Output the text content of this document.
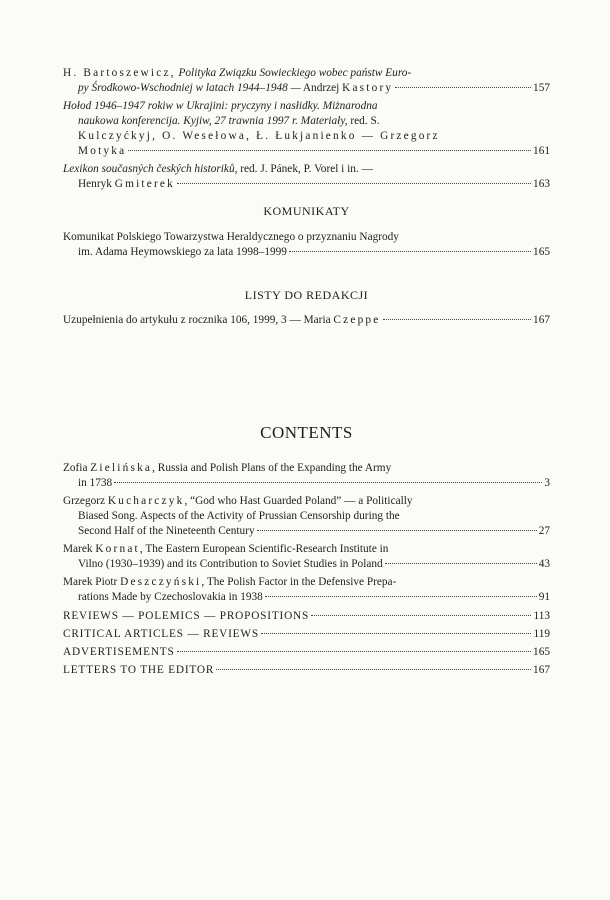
H. Bartoszewicz, Polityka Związku Sowieckiego wobec państw Euro-
py Środkowo-Wschodniej w latach 1944–1948 — Andrzej Kastory	157
Hołod 1946–1947 rokiw w Ukrajini: pryczyny i nasłidky. Miżnarodna
naukowa konferencija. Kyjiw, 27 trawnia 1997 r. Materiały, red. S.
Kulczyćkyj, O. Wesełowa, Ł. Łukjanienko — Grzegorz
Motyka	161
Lexikon současných českých historiků, red. J. Pánek, P. Vorel i in. —
Henryk Gmiterek	163
KOMUNIKATY
Komunikat Polskiego Towarzystwa Heraldycznego o przyznaniu Nagrody
im. Adama Heymowskiego za lata 1998–1999	165
LISTY DO REDAKCJI
Uzupełnienia do artykułu z rocznika 106, 1999, 3 — Maria Czeppe	167
CONTENTS
Zofia Zielińska, Russia and Polish Plans of the Expanding the Army
in 1738	3
Grzegorz Kucharczyk, “God who Hast Guarded Poland” — a Politically
Biased Song. Aspects of the Activity of Prussian Censorship during the
Second Half of the Nineteenth Century	27
Marek Kornat, The Eastern European Scientific-Research Institute in
Vilno (1930–1939) and its Contribution to Soviet Studies in Poland	43
Marek Piotr Deszczyński, The Polish Factor in the Defensive Prepa-
rations Made by Czechoslovakia in 1938	91
REVIEWS — POLEMICS — PROPOSITIONS	113
CRITICAL ARTICLES — REVIEWS	119
ADVERTISEMENTS	165
LETTERS TO THE EDITOR	167
